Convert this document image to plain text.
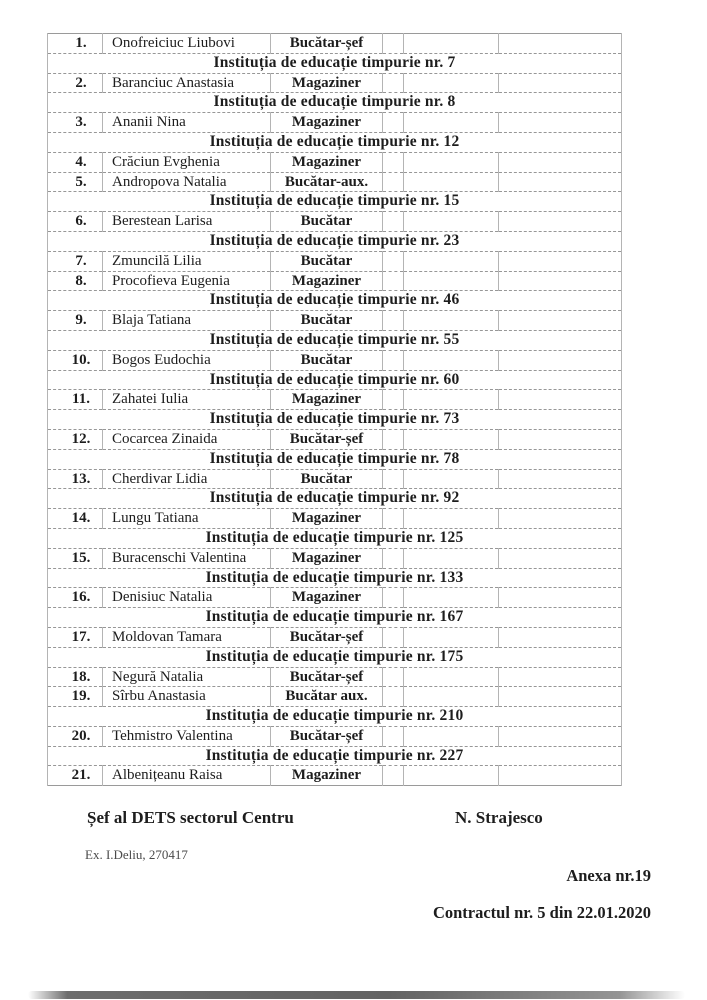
1.	Onofreiciuc Liubovi	Bucătar-șef			
Instituția de educație timpurie nr. 7					
2.	Baranciuc Anastasia	Magaziner			
Instituția de educație timpurie nr. 8					
3.	Ananii Nina	Magaziner			
Instituția de educație timpurie nr. 12					
4.	Crăciun Evghenia	Magaziner			
5.	Andropova Natalia	Bucătar-aux.			
Instituția de educație timpurie nr. 15					
6.	Berestean Larisa	Bucătar			
Instituția de educație timpurie nr. 23					
7.	Zmuncilă Lilia	Bucătar			
8.	Procofieva Eugenia	Magaziner			
Instituția de educație timpurie nr. 46					
9.	Blaja Tatiana	Bucătar			
Instituția de educație timpurie nr. 55					
10.	Bogos Eudochia	Bucătar			
Instituția de educație timpurie nr. 60					
11.	Zahatei Iulia	Magaziner			
Instituția de educație timpurie nr. 73					
12.	Cocarcea Zinaida	Bucătar-șef			
Instituția de educație timpurie nr. 78					
13.	Cherdivar Lidia	Bucătar			
Instituția de educație timpurie nr. 92					
14.	Lungu Tatiana	Magaziner			
Instituția de educație timpurie nr. 125					
15.	Buracenschi Valentina	Magaziner			
Instituția de educație timpurie nr. 133					
16.	Denisiuc Natalia	Magaziner			
Instituția de educație timpurie nr. 167					
17.	Moldovan Tamara	Bucătar-șef			
Instituția de educație timpurie nr. 175					
18.	Negură Natalia	Bucătar-șef			
19.	Sîrbu Anastasia	Bucătar aux.			
Instituția de educație timpurie nr. 210					
20.	Tehmistro Valentina	Bucătar-șef			
Instituția de educație timpurie nr. 227					
21.	Albenițeanu Raisa	Magaziner			
Șef al DETS sectorul Centru	N. Strajesco
Ex. I.Deliu, 270417
Anexa nr.19
Contractul nr. 5 din 22.01.2020
